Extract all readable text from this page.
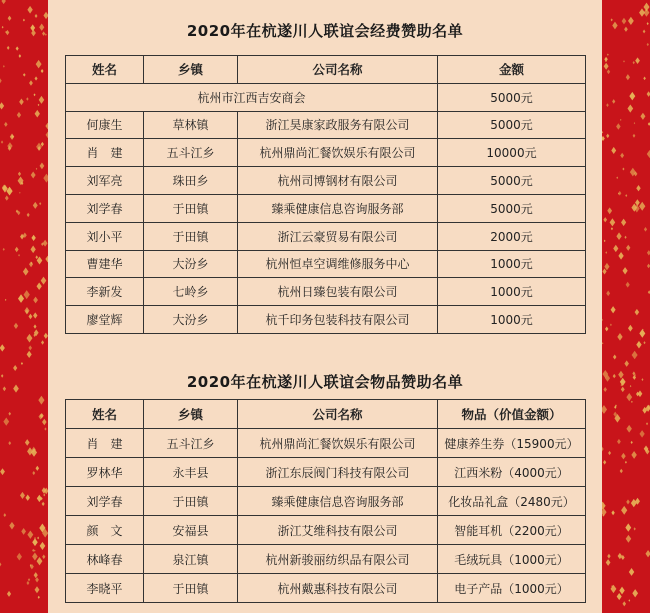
2020年在杭遂川人联谊会经费赞助名单
姓名	乡镇	公司名称	金额
杭州市江西吉安商会			5000元
何康生	草林镇	浙江昊康家政服务有限公司	5000元
肖　建	五斗江乡	杭州鼎尚汇餐饮娱乐有限公司	10000元
刘军亮	珠田乡	杭州司博钢材有限公司	5000元
刘学春	于田镇	臻乘健康信息咨询服务部	5000元
刘小平	于田镇	浙江云豪贸易有限公司	2000元
曹建华	大汾乡	杭州恒卓空调维修服务中心	1000元
李新发	七岭乡	杭州日臻包装有限公司	1000元
廖堂辉	大汾乡	杭千印务包装科技有限公司	1000元
2020年在杭遂川人联谊会物品赞助名单
姓名	乡镇	公司名称	物品（价值金额）
肖　建	五斗江乡	杭州鼎尚汇餐饮娱乐有限公司	健康养生券（15900元）
罗林华	永丰县	浙江东辰阀门科技有限公司	江西米粉（4000元）
刘学春	于田镇	臻乘健康信息咨询服务部	化妆品礼盒（2480元）
颜　文	安福县	浙江艾维科技有限公司	智能耳机（2200元）
林峰春	泉江镇	杭州新骏丽纺织品有限公司	毛绒玩具（1000元）
李晓平	于田镇	杭州戴惠科技有限公司	电子产品（1000元）
